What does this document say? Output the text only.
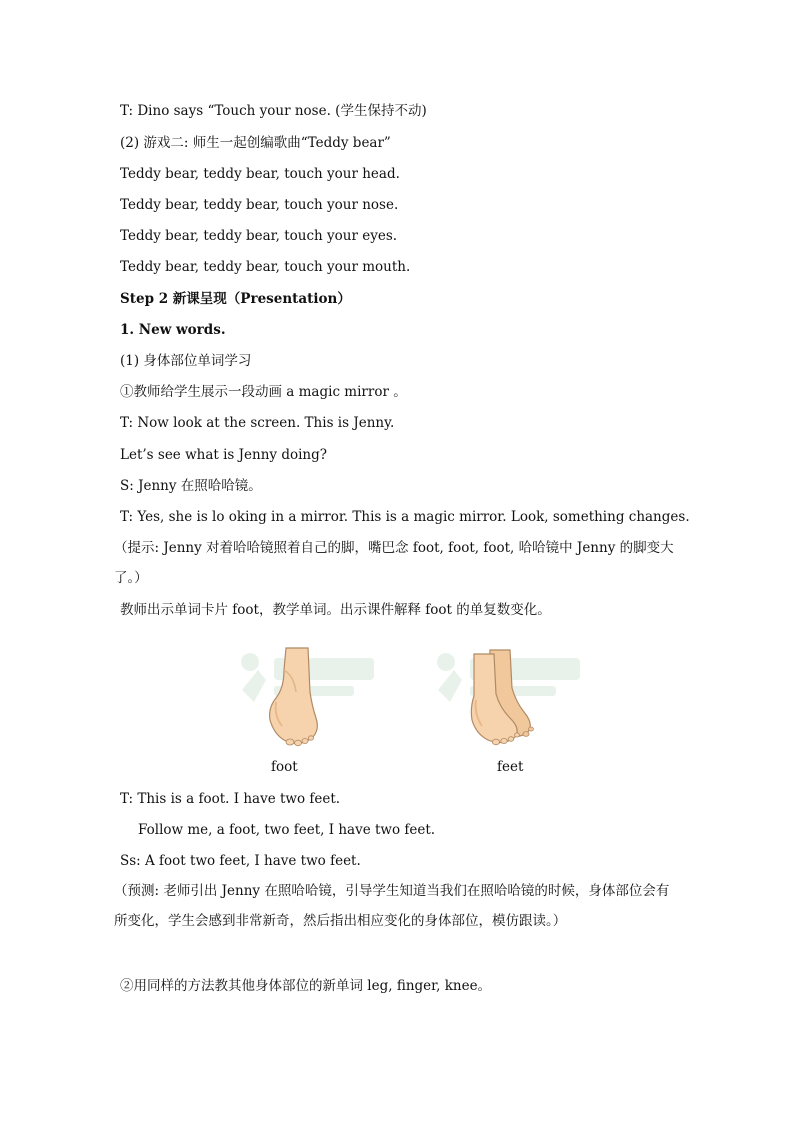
T: Dino says “Touch your nose. (学生保持不动)
(2) 游戏二: 师生一起创编歌曲“Teddy bear”
Teddy bear, teddy bear, touch your head.
Teddy bear, teddy bear, touch your nose.
Teddy bear, teddy bear, touch your eyes.
Teddy bear, teddy bear, touch your mouth.
Step 2 新课呈现（Presentation）
1. New words.
(1) 身体部位单词学习
①教师给学生展示一段动画 a magic mirror 。
T: Now look at the screen. This is Jenny.
Let’s see what is Jenny doing?
S: Jenny 在照哈哈镜。
T: Yes, she is lo oking in a mirror. This is a magic mirror. Look, something changes.
（提示: Jenny 对着哈哈镜照着自己的脚，嘴巴念 foot, foot, foot, 哈哈镜中 Jenny 的脚变大了。）
教师出示单词卡片 foot，教学单词。出示课件解释 foot 的单复数变化。
foot	feet
T: This is a foot. I have two feet.
Follow me, a foot, two feet, I have two feet.
Ss: A foot two feet, I have two feet.
（预测: 老师引出 Jenny 在照哈哈镜，引导学生知道当我们在照哈哈镜的时候，身体部位会有所变化，学生会感到非常新奇，然后指出相应变化的身体部位，模仿跟读。）
②用同样的方法教其他身体部位的新单词 leg, finger, knee。
